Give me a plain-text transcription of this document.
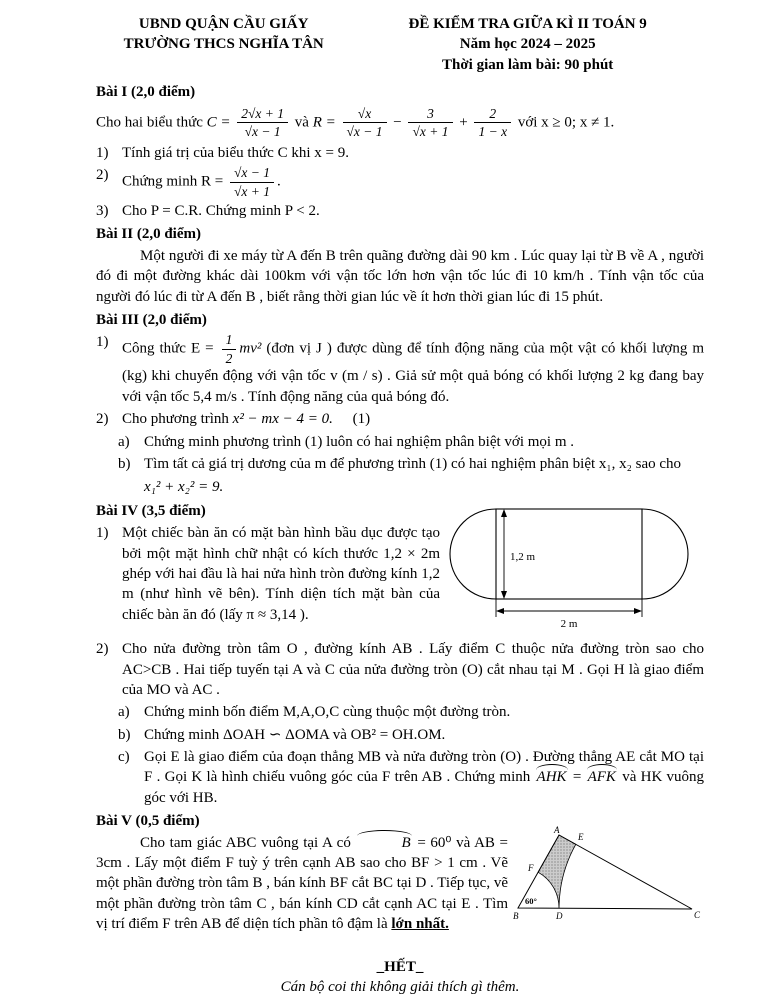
UBND QUẬN CẦU GIẤY
TRƯỜNG THCS NGHĨA TÂN
ĐỀ KIỂM TRA GIỮA KÌ II TOÁN 9
Năm học 2024 – 2025
Thời gian làm bài: 90 phút
Bài I (2,0 điểm)
Cho hai biểu thức $C = \frac{2√x + 1}{√x - 1}$ và $R = \frac{√x}{√x - 1} - \frac{3}{√x + 1} + \frac{2}{1 - x}$ với x ≥ 0; x ≠ 1.
1) Tính giá trị của biểu thức C khi x = 9.
2) Chứng minh $R = \frac{√x - 1}{√x + 1}$ .
3) Cho P = C.R. Chứng minh P < 2.
Bài II (2,0 điểm)
Một người đi xe máy từ A đến B trên quãng đường dài 90 km . Lúc quay lại từ B về A , người đó đi một đường khác dài 100km với vận tốc lớn hơn vận tốc lúc đi 10 km/h . Tính vận tốc của người đó lúc đi từ A đến B , biết rằng thời gian lúc về ít hơn thời gian lúc đi 15 phút.
Bài III (2,0 điểm)
1) Công thức $E = \frac{1}{2} mv^2$ (đơn vị J ) được dùng để tính động năng của một vật có khối lượng m (kg) khi chuyển động với vận tốc v (m / s) . Giả sử một quả bóng có khối lượng 2 kg đang bay với vận tốc 5,4 m/s . Tính động năng của quả bóng đó.
2) Cho phương trình x² − mx − 4 = 0. (1)
a) Chứng minh phương trình (1) luôn có hai nghiệm phân biệt với mọi m .
b) Tìm tất cả giá trị dương của m để phương trình (1) có hai nghiệm phân biệt x₁, x₂ sao cho
x₁² + x₂² = 9.
1,2 m
2 m
Bài IV (3,5 điểm)
1) Một chiếc bàn ăn có mặt bàn hình bầu dục được tạo bởi một mặt hình chữ nhật có kích thước 1,2 × 2m ghép với hai đầu là hai nửa hình tròn đường kính 1,2 m (như hình vẽ bên). Tính diện tích mặt bàn của chiếc bàn ăn đó (lấy π ≈ 3,14 ).
2) Cho nửa đường tròn tâm O , đường kính AB . Lấy điểm C thuộc nửa đường tròn sao cho AC>CB . Hai tiếp tuyến tại A và C của nửa đường tròn (O) cắt nhau tại M . Gọi H là giao điểm của MO và AC .
a) Chứng minh bốn điểm M,A,O,C cùng thuộc một đường tròn.
b) Chứng minh ΔOAH ∽ ΔOMA và OB² = OH.OM.
c) Gọi E là giao điểm của đoạn thẳng MB và nửa đường tròn (O) . Đường thẳng AE cắt MO tại F . Gọi K là hình chiếu vuông góc của F trên AB . Chứng minh AHK = AFK và HK vuông góc với HB.
A
E
F
B	D	C
60°
Bài V (0,5 điểm)
Cho tam giác ABC vuông tại A có	B = 60⁰ và AB = 3cm . Lấy một điểm F tuỳ ý trên cạnh AB sao cho BF > 1 cm . Vẽ một phần đường tròn tâm B , bán kính BF cắt BC tại D . Tiếp tục, vẽ một phần đường tròn tâm C , bán kính CD cắt cạnh AC tại E . Tìm vị trí điểm F trên AB để diện tích phần tô đậm là lớn nhất.
_HẾT_
Cán bộ coi thi không giải thích gì thêm.
